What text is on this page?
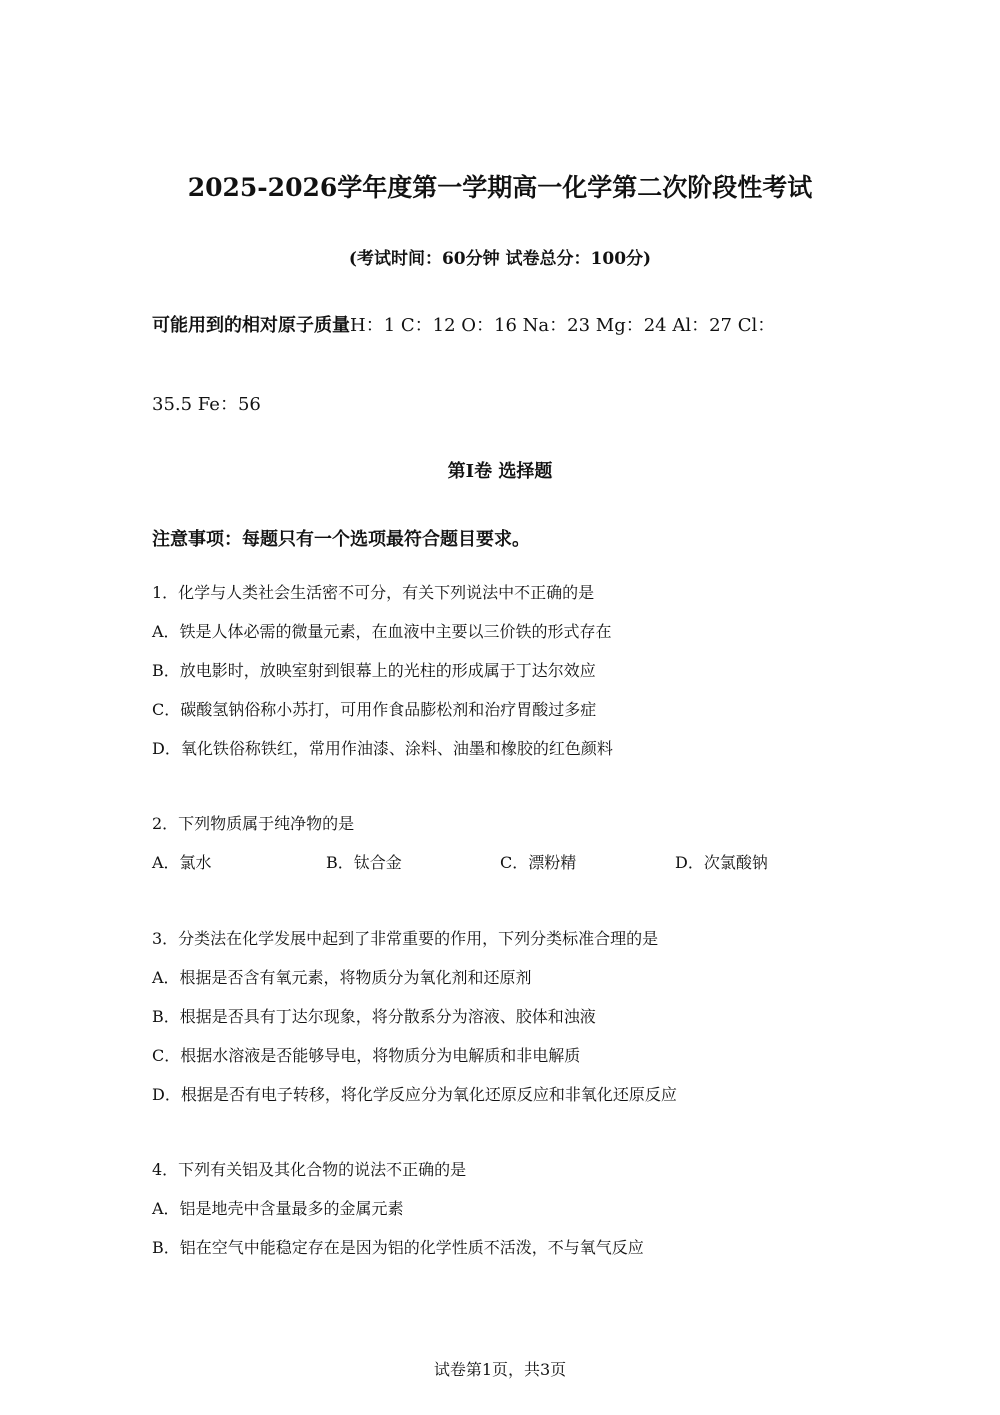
2025-2026学年度第一学期高一化学第二次阶段性考试
(考试时间：60分钟 试卷总分：100分)
可能用到的相对原子质量H：1 C：12 O：16 Na：23 Mg：24 Al：27 Cl：
35.5 Fe：56
第Ⅰ卷 选择题
注意事项：每题只有一个选项最符合题目要求。
1．化学与人类社会生活密不可分，有关下列说法中不正确的是
A．铁是人体必需的微量元素，在血液中主要以三价铁的形式存在
B．放电影时，放映室射到银幕上的光柱的形成属于丁达尔效应
C．碳酸氢钠俗称小苏打，可用作食品膨松剂和治疗胃酸过多症
D．氧化铁俗称铁红，常用作油漆、涂料、油墨和橡胶的红色颜料
2．下列物质属于纯净物的是
A．氯水	B．钛合金	C．漂粉精	D．次氯酸钠
3．分类法在化学发展中起到了非常重要的作用，下列分类标准合理的是
A．根据是否含有氧元素，将物质分为氧化剂和还原剂
B．根据是否具有丁达尔现象，将分散系分为溶液、胶体和浊液
C．根据水溶液是否能够导电，将物质分为电解质和非电解质
D．根据是否有电子转移，将化学反应分为氧化还原反应和非氧化还原反应
4．下列有关铝及其化合物的说法不正确的是
A．铝是地壳中含量最多的金属元素
B．铝在空气中能稳定存在是因为铝的化学性质不活泼，不与氧气反应
试卷第1页，共3页
